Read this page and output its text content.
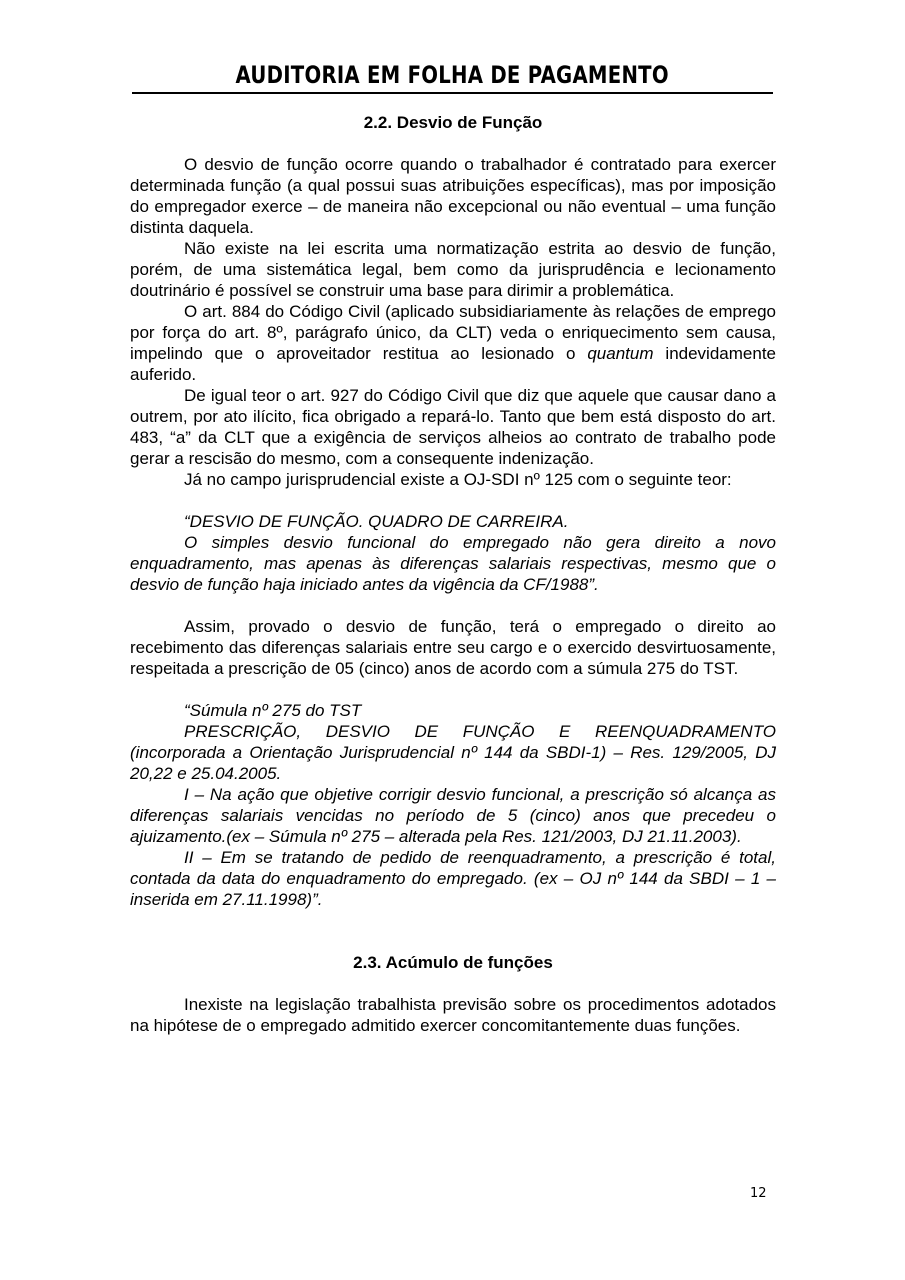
AUDITORIA EM FOLHA DE PAGAMENTO

2.2. Desvio de Função

O desvio de função ocorre quando o trabalhador é contratado para exercer determinada função (a qual possui suas atribuições específicas), mas por imposição do empregador exerce – de maneira não excepcional ou não eventual – uma função distinta daquela.

Não existe na lei escrita uma normatização estrita ao desvio de função, porém, de uma sistemática legal, bem como da jurisprudência e lecionamento doutrinário é possível se construir uma base para dirimir a problemática.

O art. 884 do Código Civil (aplicado subsidiariamente às relações de emprego por força do art. 8º, parágrafo único, da CLT) veda o enriquecimento sem causa, impelindo que o aproveitador restitua ao lesionado o quantum indevidamente auferido.

De igual teor o art. 927 do Código Civil que diz que aquele que causar dano a outrem, por ato ilícito, fica obrigado a repará-lo. Tanto que bem está disposto do art. 483, “a” da CLT que a exigência de serviços alheios ao contrato de trabalho pode gerar a rescisão do mesmo, com a consequente indenização.

Já no campo jurisprudencial existe a OJ-SDI nº 125 com o seguinte teor:

“DESVIO DE FUNÇÃO. QUADRO DE CARREIRA.

O simples desvio funcional do empregado não gera direito a novo enquadramento, mas apenas às diferenças salariais respectivas, mesmo que o desvio de função haja iniciado antes da vigência da CF/1988”.

Assim, provado o desvio de função, terá o empregado o direito ao recebimento das diferenças salariais entre seu cargo e o exercido desvirtuosamente, respeitada a prescrição de 05 (cinco) anos de acordo com a súmula 275 do TST.

“Súmula nº 275 do TST

PRESCRIÇÃO, DESVIO DE FUNÇÃO E REENQUADRAMENTO (incorporada a Orientação Jurisprudencial nº 144 da SBDI-1) – Res. 129/2005, DJ 20,22 e 25.04.2005.

I – Na ação que objetive corrigir desvio funcional, a prescrição só alcança as diferenças salariais vencidas no período de 5 (cinco) anos que precedeu o ajuizamento.(ex – Súmula nº 275 – alterada pela Res. 121/2003, DJ 21.11.2003).

II – Em se tratando de pedido de reenquadramento, a prescrição é total, contada da data do enquadramento do empregado. (ex – OJ nº 144 da SBDI – 1 – inserida em 27.11.1998)”.

2.3. Acúmulo de funções

Inexiste na legislação trabalhista previsão sobre os procedimentos adotados na hipótese de o empregado admitido exercer concomitantemente duas funções.

12
